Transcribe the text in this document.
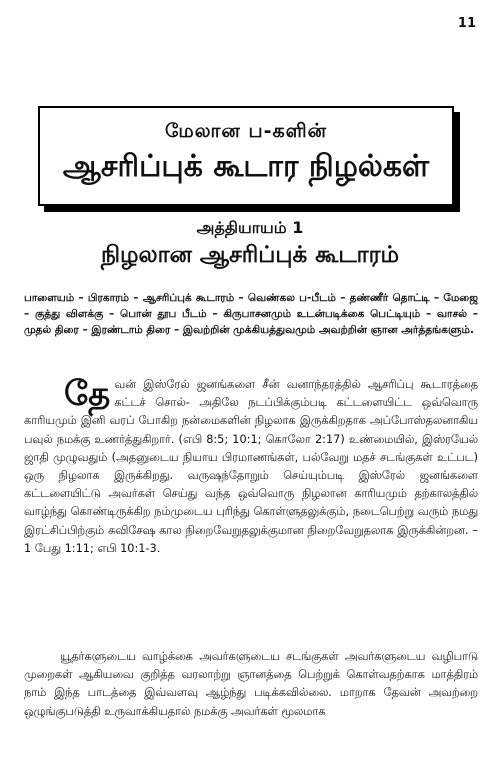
11
மேலான ப-களின்
ஆசரிப்புக் கூடார நிழல்கள்
அத்தியாயம் 1
நிழலான ஆசரிப்புக் கூடாரம்
பாளையம் – பிரகாரம் – ஆசரிப்புக் கூடாரம் – வெண்கல ப-பீடம் – தண்ணீர் தொட்டி – மேஜை – குத்து விளக்கு – பொன் தூப பீடம் – கிருபாசனமும் உடன்படிக்கை பெட்டியும் – வாசல் – முதல் திரை – இரண்டாம் திரை – இவற்றின் முக்கியத்துவமும் அவற்றின் ஞான அர்த்தங்களும்.
தேவன் இஸ்ரேல் ஜனங்களை சீன் வனாந்தரத்தில் ஆசரிப்பு கூடாரத்தை கட்டச் சொல்- அதிலே நடப்பிக்கும்படி கட்டளையிட்ட ஒவ்வொரு காரியமும் இனி வரப் போகிற நன்மைகளின் நிழலாக இருக்கிறதாக அப்போஸ்தலனாகிய பவுல் நமக்கு உணர்த்துகிறார். (எபி 8:5; 10:1; கொலோ 2:17) உண்மையில், இஸ்ரயேல் ஜாதி முழுவதும் (அதனுடைய நியாய பிரமாணங்கள், பல்வேறு மதச் சடங்குகள் உட்பட) ஒரு நிழலாக இருக்கிறது. வருஷந்தோறும் செய்யும்படி இஸ்ரேல் ஜனங்களை கட்டளையிட்டு அவர்கள் செய்து வந்த ஒவ்வொரு நிழலான காரியமும் தற்காலத்தில் வாழ்ந்து கொண்டிருக்கிற நம்முடைய புரிந்து கொள்ளுதலுக்கும், நடைபெற்று வரும் நமது இரட்சிப்பிற்கும் சுவிசேஷ கால நிறைவேறுதலுக்குமான நிறைவேறுதலாக இருக்கின்றன. – 1 பேது 1:11; எபி 10:1-3.
யூதர்களுடைய வாழ்க்கை அவர்களுடைய சடங்குகள் அவர்களுடைய வழிபாடு முறைகள் ஆகியவை குறித்த வரலாற்று ஞானத்தை பெற்றுக் கொள்வதற்காக மாத்திரம் நாம் இந்த பாடத்தை இவ்வளவு ஆழ்ந்து படிக்கவில்லை. மாறாக தேவன் அவற்றை ஒழுங்குபடுத்தி உருவாக்கியதால் நமக்கு அவர்கள் மூலமாக
